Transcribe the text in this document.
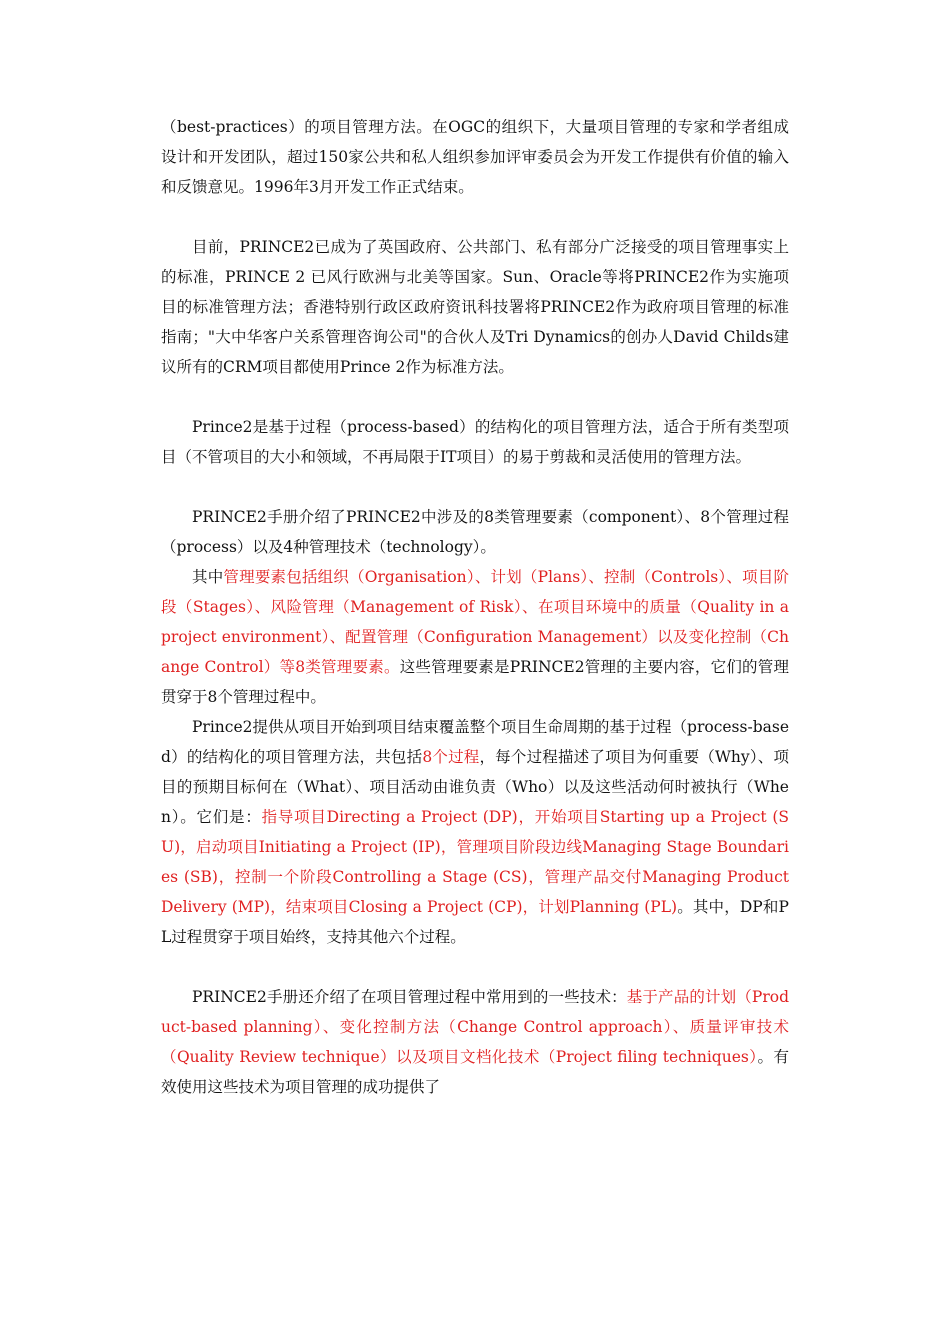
（best-practices）的项目管理方法。在OGC的组织下，大量项目管理的专家和学者组成设计和开发团队，超过150家公共和私人组织参加评审委员会为开发工作提供有价值的输入和反馈意见。1996年3月开发工作正式结束。

目前，PRINCE2已成为了英国政府、公共部门、私有部分广泛接受的项目管理事实上的标准，PRINCE 2 已风行欧洲与北美等国家。Sun、Oracle等将PRINCE2作为实施项目的标准管理方法；香港特别行政区政府资讯科技署将PRINCE2作为政府项目管理的标准指南；"大中华客户关系管理咨询公司"的合伙人及Tri Dynamics的创办人David Childs建议所有的CRM项目都使用Prince 2作为标准方法。

Prince2是基于过程（process-based）的结构化的项目管理方法，适合于所有类型项目（不管项目的大小和领域，不再局限于IT项目）的易于剪裁和灵活使用的管理方法。

PRINCE2手册介绍了PRINCE2中涉及的8类管理要素（component）、8个管理过程（process）以及4种管理技术（technology）。

其中管理要素包括组织（Organisation）、计划（Plans）、控制（Controls）、项目阶段（Stages）、风险管理（Management of Risk）、在项目环境中的质量（Quality in a project environment）、配置管理（Configuration Management）以及变化控制（Change Control）等8类管理要素。这些管理要素是PRINCE2管理的主要内容，它们的管理贯穿于8个管理过程中。

Prince2提供从项目开始到项目结束覆盖整个项目生命周期的基于过程（process-based）的结构化的项目管理方法，共包括8个过程，每个过程描述了项目为何重要（Why）、项目的预期目标何在（What）、项目活动由谁负责（Who）以及这些活动何时被执行（When）。它们是：指导项目Directing a Project (DP)，开始项目Starting up a Project (SU)，启动项目Initiating a Project (IP)，管理项目阶段边线Managing Stage Boundaries (SB)，控制一个阶段Controlling a Stage (CS)，管理产品交付Managing Product Delivery (MP)，结束项目Closing a Project (CP)，计划Planning (PL)。其中，DP和PL过程贯穿于项目始终，支持其他六个过程。

PRINCE2手册还介绍了在项目管理过程中常用到的一些技术：基于产品的计划（Product-based planning）、变化控制方法（Change Control approach）、质量评审技术（Quality Review technique）以及项目文档化技术（Project filing techniques）。有效使用这些技术为项目管理的成功提供了
